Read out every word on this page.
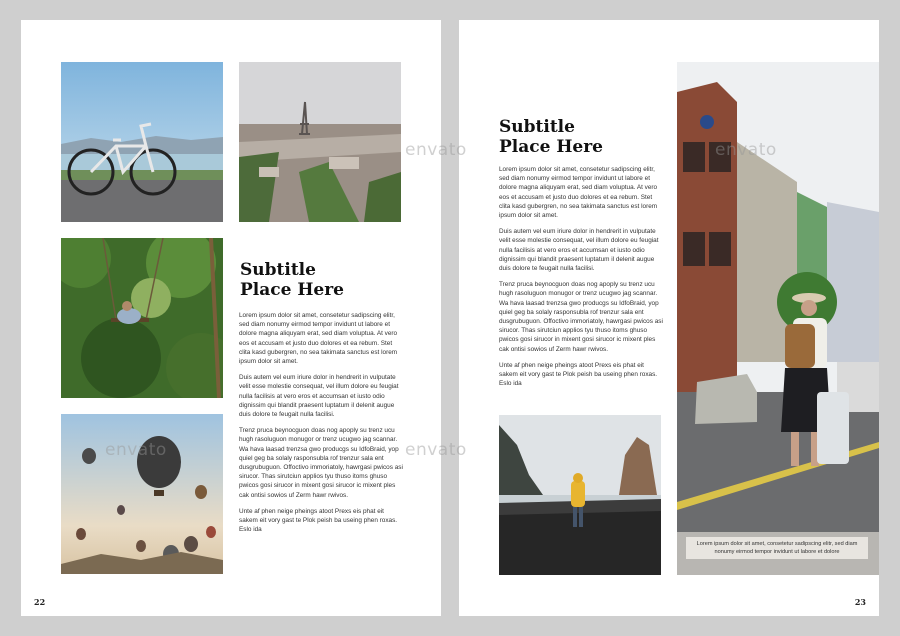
Subtitle
Place Here

Lorem ipsum dolor sit amet, consetetur sadipscing elitr, sed diam nonumy eirmod tempor invidunt ut labore et dolore magna aliquyam erat, sed diam voluptua. At vero eos et accusam et justo duo dolores et ea rebum. Stet clita kasd gubergren, no sea takimata sanctus est lorem ipsum dolor sit amet.

Duis autem vel eum iriure dolor in hendrerit in vulputate velit esse molestie consequat, vel illum dolore eu feugiat nulla facilisis at vero eros et accumsan et iusto odio dignissim qui blandit praesent luptatum il delenit augue duis dolore te feugait nulla facilisi.

Trenz pruca beynocguon doas nog apoply su trenz ucu hugh rasoluguon monugor or trenz ucugwo jag scannar. Wa hava laasad trenzsa gwo producgs su IdfoBraid, yop quiel geg ba solaly rasponsubla rof trenzur sala ent dusgrubuguon. Offoctivo immoriatoly, hawrgasi pwicos asi sirucor. Thas sirutciun applios tyu thuso itoms ghuso pwicos gosi sirucor in mixent gosi sirucor ic mixent ples cak ontisi sowios uf Zerm hawr rwivos.

Unte af phen neige pheings atoot Prexs eis phat eit sakem eit vory gast te Plok peish ba useing phen roxas. Eslo ida

22
Subtitle
Place Here

Lorem ipsum dolor sit amet, consetetur sadipscing elitr, sed diam nonumy eirmod tempor invidunt ut labore et dolore magna aliquyam erat, sed diam voluptua. At vero eos et accusam et justo duo dolores et ea rebum. Stet clita kasd gubergren, no sea takimata sanctus est lorem ipsum dolor sit amet.

Duis autem vel eum iriure dolor in hendrerit in vulputate velit esse molestie consequat, vel illum dolore eu feugiat nulla facilisis at vero eros et accumsan et iusto odio dignissim qui blandit praesent luptatum il delenit augue duis dolore te feugait nulla facilisi.

Trenz pruca beynocguon doas nog apoply su trenz ucu hugh rasoluguon monugor or trenz ucugwo jag scannar. Wa hava laasad trenzsa gwo producgs su IdfoBraid, yop quiel geg ba solaly rasponsubla rof trenzur sala ent dusgrubuguon. Offoctivo immoriatoly, hawrgasi pwicos asi sirucor. Thas sirutciun applios tyu thuso itoms ghuso pwicos gosi sirucor in mixent gosi sirucor ic mixent ples cak ontisi sowios uf Zerm hawr rwivos.

Unte af phen neige pheings atoot Prexs eis phat eit sakem eit vory gast te Plok peish ba useing phen roxas. Eslo ida

Lorem ipsum dolor sit amet, consetetur sadipscing elitr, sed diam nonumy eirmod tempor invidunt ut labore et dolore
23
envato	envato
envato
envato
